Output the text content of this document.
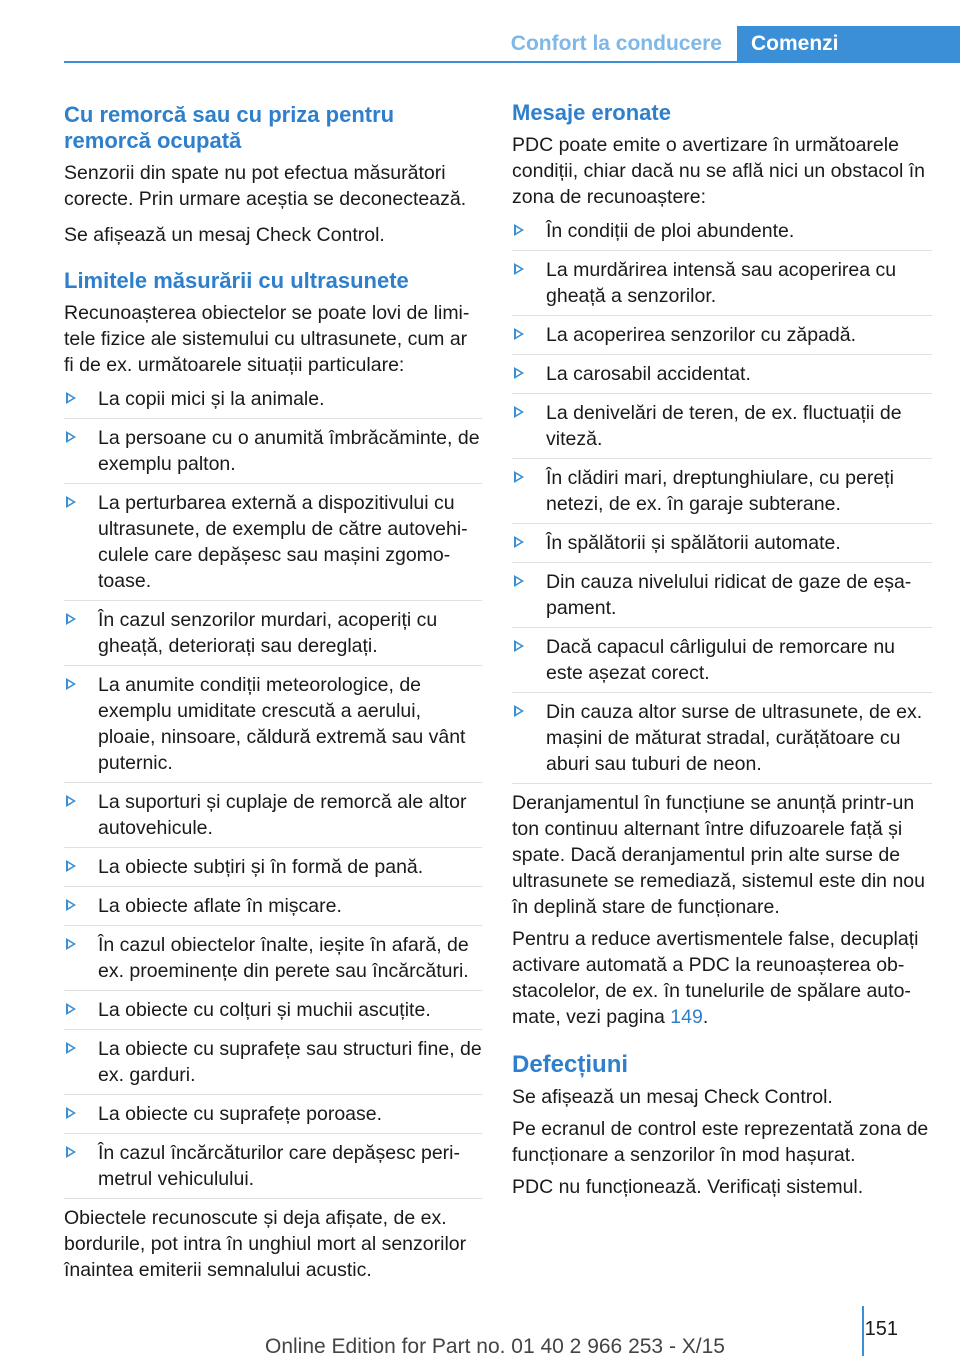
Confort la conducere	Comenzi
Cu remorcă sau cu priza pentru remorcă ocupată

Senzorii din spate nu pot efectua măsurători corecte. Prin urmare aceștia se deconectează.

Se afișează un mesaj Check Control.

Limitele măsurării cu ultrasunete

Recunoașterea obiectelor se poate lovi de limi‐tele fizice ale sistemului cu ultrasunete, cum ar fi de ex. următoarele situații particulare:

La copii mici și la animale.
La persoane cu o anumită îmbrăcăminte, de exemplu palton.
La perturbarea externă a dispozitivului cu ultrasunete, de exemplu de către autovehi‐culele care depășesc sau mașini zgomo‐toase.
În cazul senzorilor murdari, acoperiți cu gheață, deteriorați sau dereglați.
La anumite condiții meteorologice, de exemplu umiditate crescută a aerului, ploaie, ninsoare, căldură extremă sau vânt puternic.
La suporturi și cuplaje de remorcă ale altor autovehicule.
La obiecte subțiri și în formă de pană.
La obiecte aflate în mișcare.
În cazul obiectelor înalte, ieșite în afară, de ex. proeminențe din perete sau încărcături.
La obiecte cu colțuri și muchii ascuțite.
La obiecte cu suprafețe sau structuri fine, de ex. garduri.
La obiecte cu suprafețe poroase.
În cazul încărcăturilor care depășesc peri‐metrul vehiculului.

Obiectele recunoscute și deja afișate, de ex. bordurile, pot intra în unghiul mort al senzorilor înaintea emiterii semnalului acustic.

Mesaje eronate

PDC poate emite o avertizare în următoarele condiții, chiar dacă nu se află nici un obstacol în zona de recunoaștere:

În condiții de ploi abundente.
La murdărirea intensă sau acoperirea cu gheață a senzorilor.
La acoperirea senzorilor cu zăpadă.
La carosabil accidentat.
La denivelări de teren, de ex. fluctuații de viteză.
În clădiri mari, dreptunghiulare, cu pereți netezi, de ex. în garaje subterane.
În spălătorii și spălătorii automate.
Din cauza nivelului ridicat de gaze de eșa‐pament.
Dacă capacul cârligului de remorcare nu este așezat corect.
Din cauza altor surse de ultrasunete, de ex. mașini de măturat stradal, curățătoare cu aburi sau tuburi de neon.

Deranjamentul în funcțiune se anunță printr-un ton continuu alternant între difuzoarele față și spate. Dacă deranjamentul prin alte surse de ultrasunete se remediază, sistemul este din nou în deplină stare de funcționare.

Pentru a reduce avertismentele false, decuplați activare automată a PDC la reunoașterea ob‐stacolelor, de ex. în tunelurile de spălare auto‐mate, vezi pagina 149.

Defecțiuni

Se afișează un mesaj Check Control.

Pe ecranul de control este reprezentată zona de funcționare a senzorilor în mod hașurat.

PDC nu funcționează. Verificați sistemul.

151
Online Edition for Part no. 01 40 2 966 253 - X/15
